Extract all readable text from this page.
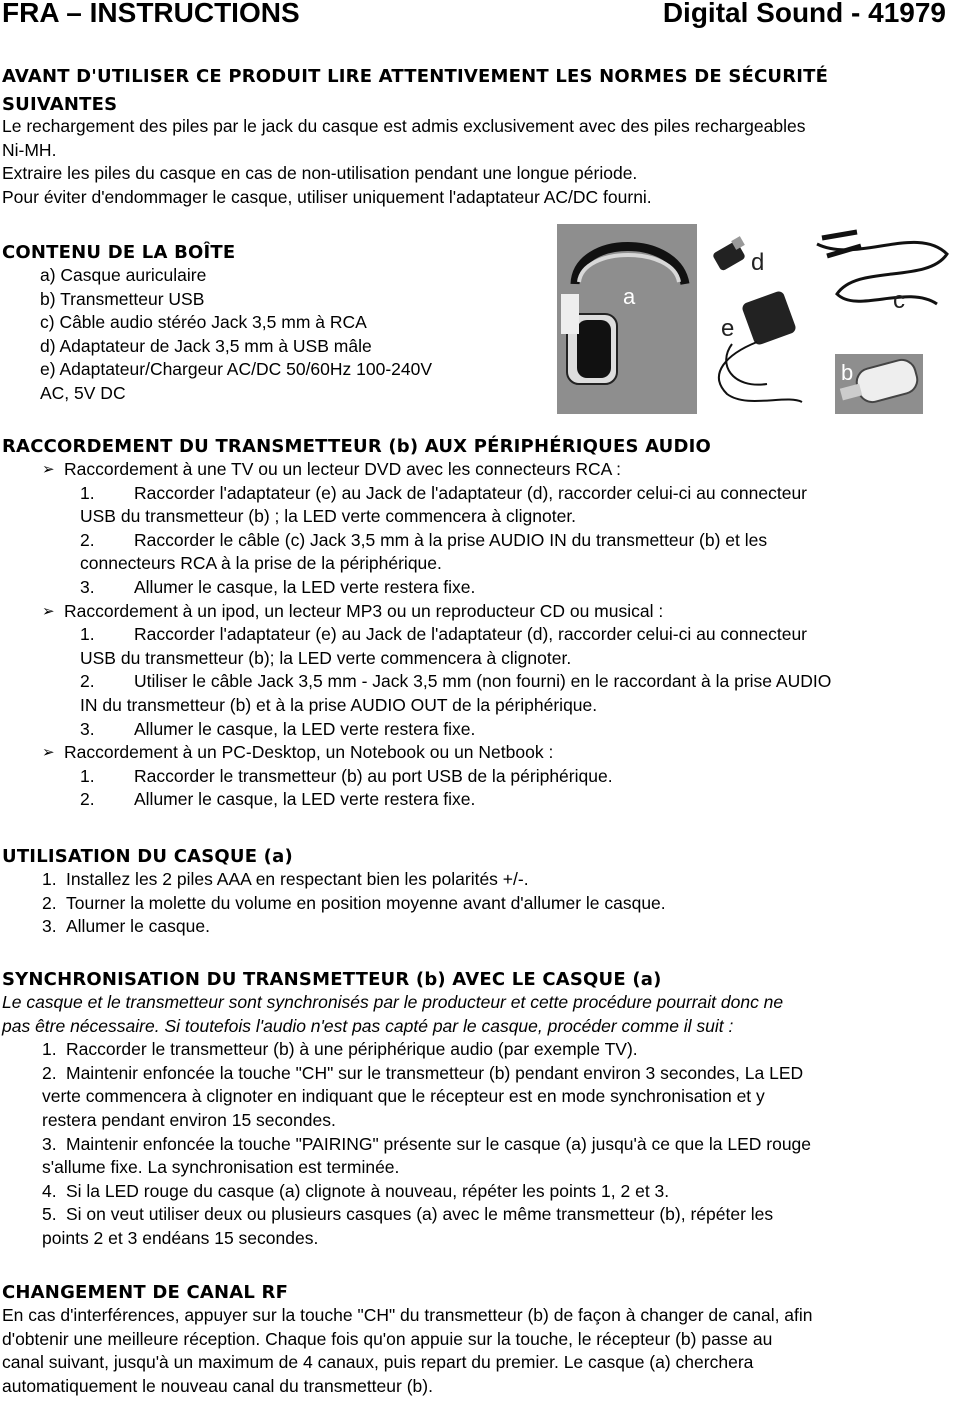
FRA – INSTRUCTIONS	Digital Sound - 41979
AVANT D'UTILISER CE PRODUIT LIRE ATTENTIVEMENT LES NORMES DE SÉCURITÉ
SUIVANTES
Le rechargement des piles par le jack du casque est admis exclusivement avec des piles rechargeables
Ni-MH.
Extraire les piles du casque en cas de non-utilisation pendant une longue période.
Pour éviter d'endommager le casque, utiliser uniquement l'adaptateur AC/DC fourni.
CONTENU DE LA BOÎTE
a) Casque auriculaire
b) Transmetteur USB
c) Câble audio stéréo Jack 3,5 mm à RCA
d) Adaptateur de Jack 3,5 mm à USB mâle
e) Adaptateur/Chargeur AC/DC 50/60Hz 100-240V
AC, 5V DC
a
d
e
c
b
RACCORDEMENT DU TRANSMETTEUR (b) AUX PÉRIPHÉRIQUES AUDIO
➢ Raccordement à une TV ou un lecteur DVD avec les connecteurs RCA :
1.	Raccorder l'adaptateur (e) au Jack de l'adaptateur (d), raccorder celui-ci au connecteur
USB du transmetteur (b) ; la LED verte commencera à clignoter.
2.	Raccorder le câble (c) Jack 3,5 mm à la prise AUDIO IN du transmetteur (b) et les
connecteurs RCA à la prise de la périphérique.
3.	Allumer le casque, la LED verte restera fixe.
➢ Raccordement à un ipod, un lecteur MP3 ou un reproducteur CD ou musical :
1.	Raccorder l'adaptateur (e) au Jack de l'adaptateur (d), raccorder celui-ci au connecteur
USB du transmetteur (b); la LED verte commencera à clignoter.
2.	Utiliser le câble Jack 3,5 mm - Jack 3,5 mm (non fourni) en le raccordant à la prise AUDIO
IN du transmetteur (b) et à la prise AUDIO OUT de la périphérique.
3.	Allumer le casque, la LED verte restera fixe.
➢ Raccordement à un PC-Desktop, un Notebook ou un Netbook :
1.	Raccorder le transmetteur (b) au port USB de la périphérique.
2.	Allumer le casque, la LED verte restera fixe.
UTILISATION DU CASQUE (a)
1. Installez les 2 piles AAA en respectant bien les polarités +/-.
2. Tourner la molette du volume en position moyenne avant d'allumer le casque.
3. Allumer le casque.
SYNCHRONISATION DU TRANSMETTEUR (b) AVEC LE CASQUE (a)
Le casque et le transmetteur sont synchronisés par le producteur et cette procédure pourrait donc ne
pas être nécessaire. Si toutefois l'audio n'est pas capté par le casque, procéder comme il suit :
1. Raccorder le transmetteur (b) à une périphérique audio (par exemple TV).
2. Maintenir enfoncée la touche "CH" sur le transmetteur (b) pendant environ 3 secondes, La LED
verte commencera à clignoter en indiquant que le récepteur est en mode synchronisation et y
restera pendant environ 15 secondes.
3. Maintenir enfoncée la touche "PAIRING" présente sur le casque (a) jusqu'à ce que la LED rouge
s'allume fixe. La synchronisation est terminée.
4. Si la LED rouge du casque (a) clignote à nouveau, répéter les points 1, 2 et 3.
5. Si on veut utiliser deux ou plusieurs casques (a) avec le même transmetteur (b), répéter les
points 2 et 3 endéans 15 secondes.
CHANGEMENT DE CANAL RF
En cas d'interférences, appuyer sur la touche "CH" du transmetteur (b) de façon à changer de canal, afin
d'obtenir une meilleure réception. Chaque fois qu'on appuie sur la touche, le récepteur (b) passe au
canal suivant, jusqu'à un maximum de 4 canaux, puis repart du premier. Le casque (a) cherchera
automatiquement le nouveau canal du transmetteur (b).
